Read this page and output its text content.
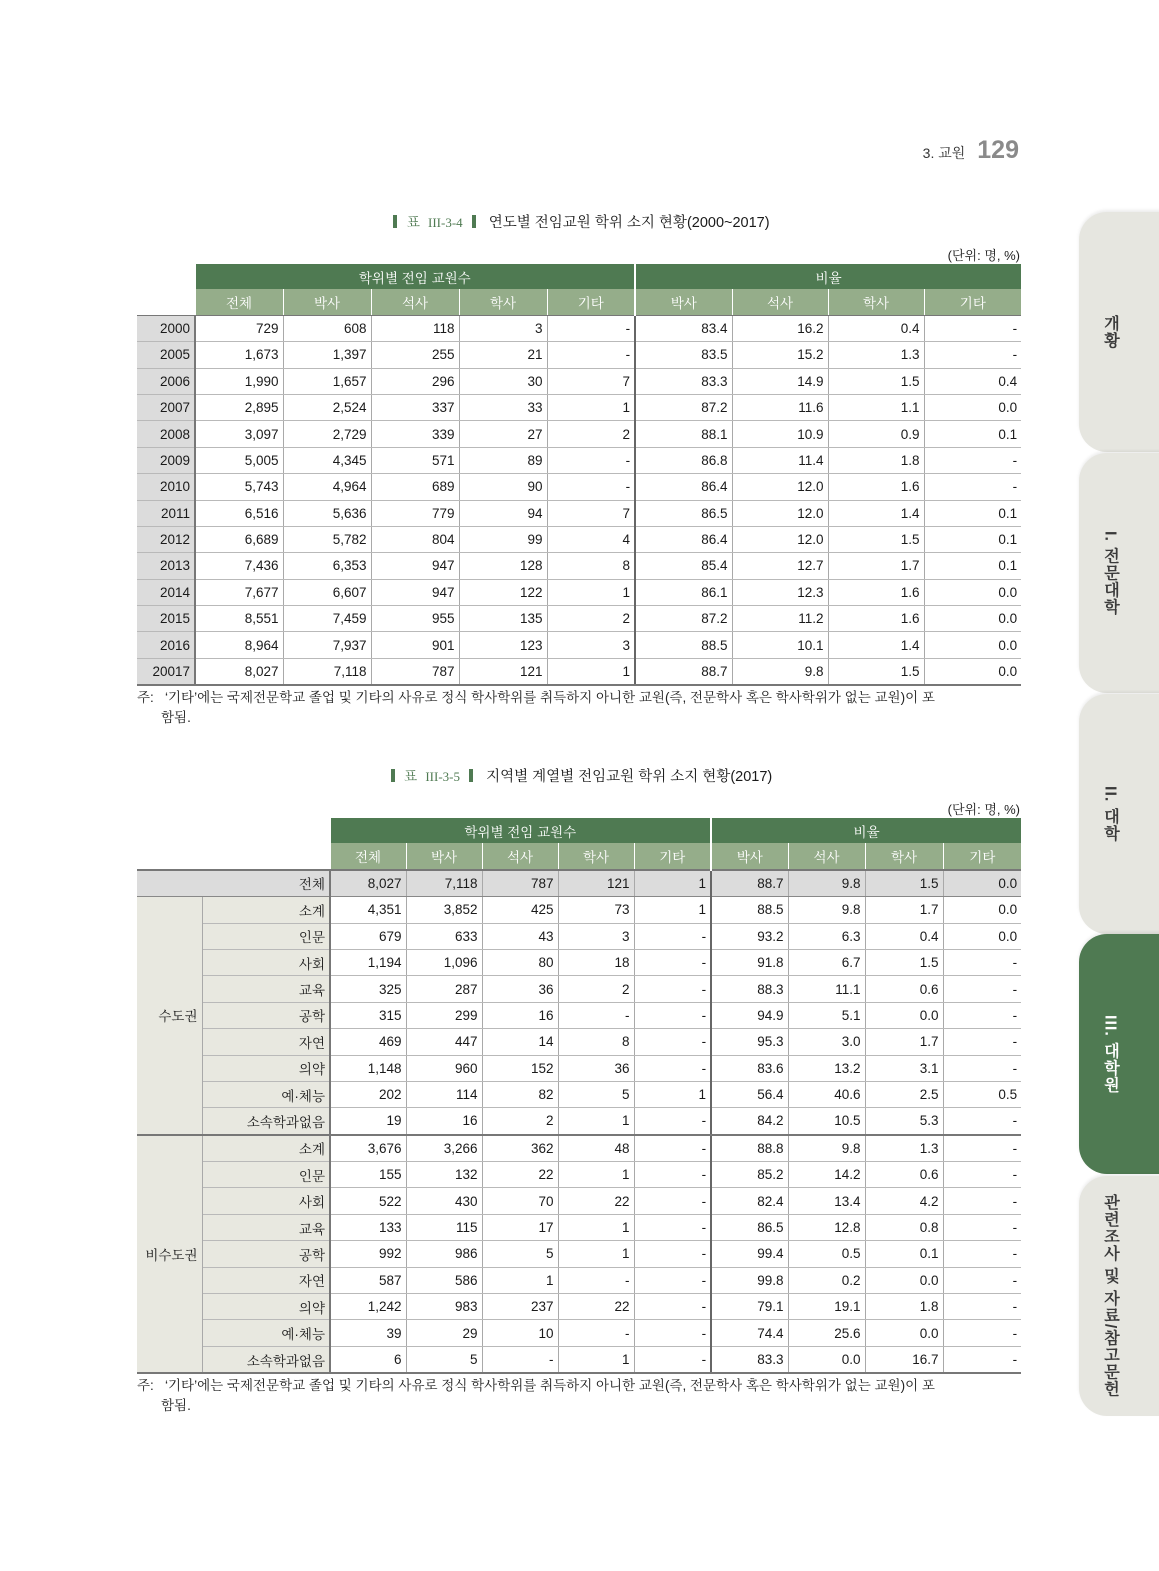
3. 교원 129
개황
I. 전문대학
II. 대학
III. 대학원
관련조사 및 자료/참고문헌
표 III-3-4 연도별 전임교원 학위 소지 현황(2000~2017)
(단위: 명, %)
	학위별 전임 교원수					비율			
	전체	박사	석사	학사	기타	박사	석사	학사	기타
2000	729	608	118	3	-	83.4	16.2	0.4	-
2005	1,673	1,397	255	21	-	83.5	15.2	1.3	-
2006	1,990	1,657	296	30	7	83.3	14.9	1.5	0.4
2007	2,895	2,524	337	33	1	87.2	11.6	1.1	0.0
2008	3,097	2,729	339	27	2	88.1	10.9	0.9	0.1
2009	5,005	4,345	571	89	-	86.8	11.4	1.8	-
2010	5,743	4,964	689	90	-	86.4	12.0	1.6	-
2011	6,516	5,636	779	94	7	86.5	12.0	1.4	0.1
2012	6,689	5,782	804	99	4	86.4	12.0	1.5	0.1
2013	7,436	6,353	947	128	8	85.4	12.7	1.7	0.1
2014	7,677	6,607	947	122	1	86.1	12.3	1.6	0.0
2015	8,551	7,459	955	135	2	87.2	11.2	1.6	0.0
2016	8,964	7,937	901	123	3	88.5	10.1	1.4	0.0
20017	8,027	7,118	787	121	1	88.7	9.8	1.5	0.0
주: ‘기타’에는 국제전문학교 졸업 및 기타의 사유로 정식 학사학위를 취득하지 아니한 교원(즉, 전문학사 혹은 학사학위가 없는 교원)이 포
함됨.
표 III-3-5 지역별 계열별 전임교원 학위 소지 현황(2017)
(단위: 명, %)
		학위별 전임 교원수					비율			
		전체	박사	석사	학사	기타	박사	석사	학사	기타
전체		8,027	7,118	787	121	1	88.7	9.8	1.5	0.0
수도권	소계	4,351	3,852	425	73	1	88.5	9.8	1.7	0.0
	인문	679	633	43	3	-	93.2	6.3	0.4	0.0
	사회	1,194	1,096	80	18	-	91.8	6.7	1.5	-
	교육	325	287	36	2	-	88.3	11.1	0.6	-
	공학	315	299	16	-	-	94.9	5.1	0.0	-
	자연	469	447	14	8	-	95.3	3.0	1.7	-
	의약	1,148	960	152	36	-	83.6	13.2	3.1	-
	예·체능	202	114	82	5	1	56.4	40.6	2.5	0.5
	소속학과없음	19	16	2	1	-	84.2	10.5	5.3	-
비수도권	소계	3,676	3,266	362	48	-	88.8	9.8	1.3	-
	인문	155	132	22	1	-	85.2	14.2	0.6	-
	사회	522	430	70	22	-	82.4	13.4	4.2	-
	교육	133	115	17	1	-	86.5	12.8	0.8	-
	공학	992	986	5	1	-	99.4	0.5	0.1	-
	자연	587	586	1	-	-	99.8	0.2	0.0	-
	의약	1,242	983	237	22	-	79.1	19.1	1.8	-
	예·체능	39	29	10	-	-	74.4	25.6	0.0	-
	소속학과없음	6	5	-	1	-	83.3	0.0	16.7	-
주: ‘기타’에는 국제전문학교 졸업 및 기타의 사유로 정식 학사학위를 취득하지 아니한 교원(즉, 전문학사 혹은 학사학위가 없는 교원)이 포
함됨.
